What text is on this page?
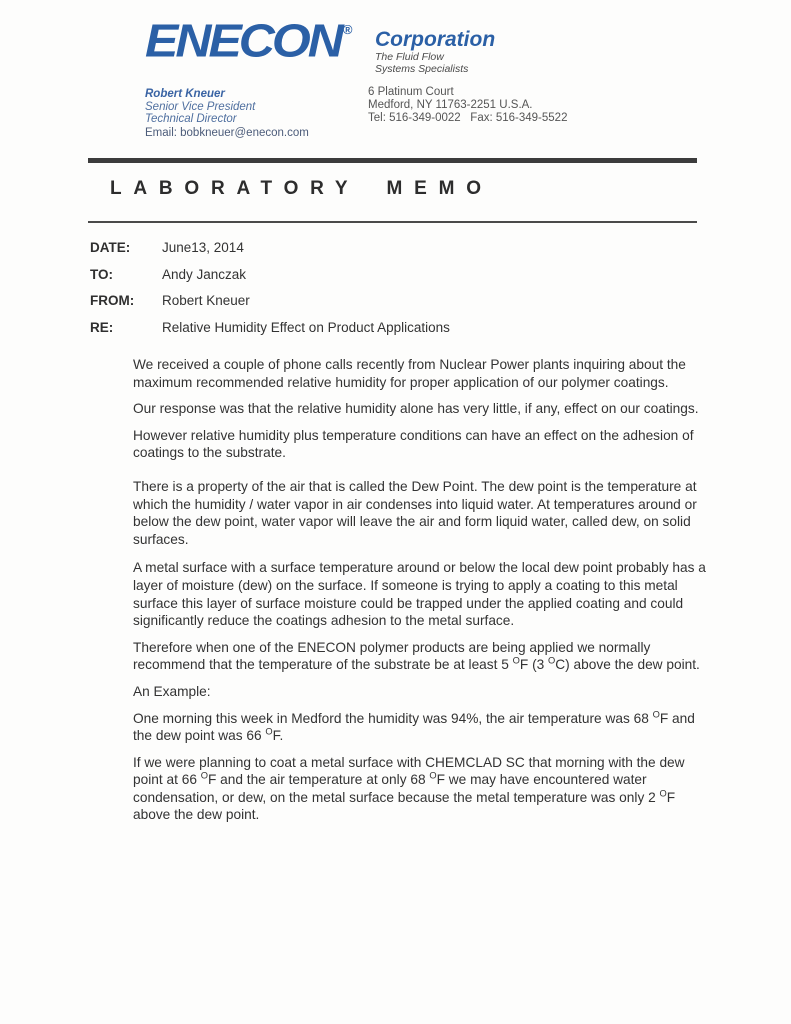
ENECON ® Corporation
The Fluid Flow
Systems Specialists
Robert Kneuer
Senior Vice President
Technical Director
Email: bobkneuer@enecon.com
6 Platinum Court
Medford, NY 11763-2251 U.S.A.
Tel: 516-349-0022   Fax: 516-349-5522
LABORATORY MEMO
DATE:	June13, 2014
TO:	Andy Janczak
FROM:	Robert Kneuer
RE:	Relative Humidity Effect on Product Applications

We received a couple of phone calls recently from Nuclear Power plants inquiring about the maximum recommended relative humidity for proper application of our polymer coatings.

Our response was that the relative humidity alone has very little, if any, effect on our coatings.

However relative humidity plus temperature conditions can have an effect on the adhesion of coatings to the substrate.

There is a property of the air that is called the Dew Point. The dew point is the temperature at which the humidity / water vapor in air condenses into liquid water. At temperatures around or below the dew point, water vapor will leave the air and form liquid water, called dew, on solid surfaces.

A metal surface with a surface temperature around or below the local dew point probably has a layer of moisture (dew) on the surface. If someone is trying to apply a coating to this metal surface this layer of surface moisture could be trapped under the applied coating and could significantly reduce the coatings adhesion to the metal surface.

Therefore when one of the ENECON polymer products are being applied we normally recommend that the temperature of the substrate be at least 5 $^O$F (3 $^O$C) above the dew point.

An Example:

One morning this week in Medford the humidity was 94%, the air temperature was 68 $^O$F and the dew point was 66 $^O$F.

If we were planning to coat a metal surface with CHEMCLAD SC that morning with the dew point at 66 $^O$F and the air temperature at only 68 $^O$F we may have encountered water condensation, or dew, on the metal surface because the metal temperature was only 2 $^O$F above the dew point.
